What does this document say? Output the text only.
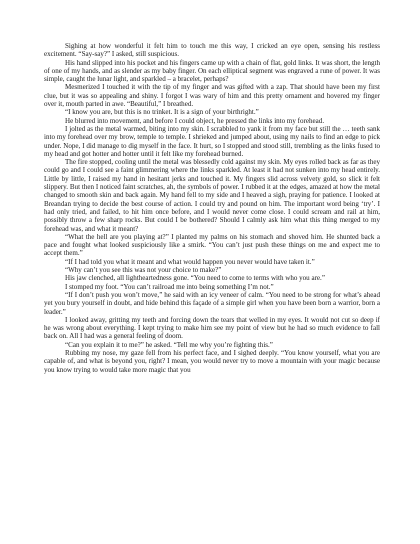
Sighing at how wonderful it felt him to touch me this way, I cricked an eye open, sensing his restless excitement. “Say-say?” I asked, still suspicious.

His hand slipped into his pocket and his fingers came up with a chain of flat, gold links. It was short, the length of one of my hands, and as slender as my baby finger. On each elliptical segment was engraved a rune of power. It was simple, caught the lunar light, and sparkled – a bracelet, perhaps?

Mesmerized I touched it with the tip of my finger and was gifted with a zap. That should have been my first clue, but it was so appealing and shiny. I forgot I was wary of him and this pretty ornament and hovered my finger over it, mouth parted in awe. “Beautiful,” I breathed.

“I know you are, but this is no trinket. It is a sign of your birthright.”

He blurred into movement, and before I could object, he pressed the links into my forehead.

I jolted as the metal warmed, biting into my skin. I scrabbled to yank it from my face but still the … teeth sank into my forehead over my brow, temple to temple. I shrieked and jumped about, using my nails to find an edge to pick under. Nope, I did manage to dig myself in the face. It hurt, so I stopped and stood still, trembling as the links fused to my head and got hotter and hotter until it felt like my forehead burned.

The fire stopped, cooling until the metal was blessedly cold against my skin. My eyes rolled back as far as they could go and I could see a faint glimmering where the links sparkled. At least it had not sunken into my head entirely. Little by little, I raised my hand in hesitant jerks and touched it. My fingers slid across velvety gold, so slick it felt slippery. But then I noticed faint scratches, ah, the symbols of power. I rubbed it at the edges, amazed at how the metal changed to smooth skin and back again. My hand fell to my side and I heaved a sigh, praying for patience. I looked at Breandan trying to decide the best course of action. I could try and pound on him. The important word being ‘try’. I had only tried, and failed, to hit him once before, and I would never come close. I could scream and rail at him, possibly throw a few sharp rocks. But could I be bothered? Should I calmly ask him what this thing merged to my forehead was, and what it meant?

“What the hell are you playing at?” I planted my palms on his stomach and shoved him. He shunted back a pace and fought what looked suspiciously like a smirk. “You can’t just push these things on me and expect me to accept them.”

“If I had told you what it meant and what would happen you never would have taken it.”

“Why can’t you see this was not your choice to make?”

His jaw clenched, all lightheartedness gone. “You need to come to terms with who you are.”

I stomped my foot. “You can’t railroad me into being something I’m not.”

“If I don’t push you won’t move,” he said with an icy veneer of calm. “You need to be strong for what’s ahead yet you bury yourself in doubt, and hide behind this façade of a simple girl when you have been born a warrior, born a leader.”

I looked away, gritting my teeth and forcing down the tears that welled in my eyes. It would not cut so deep if he was wrong about everything. I kept trying to make him see my point of view but he had so much evidence to fall back on. All I had was a general feeling of doom.

“Can you explain it to me?” he asked. “Tell me why you’re fighting this.”

Rubbing my nose, my gaze fell from his perfect face, and I sighed deeply. “You know yourself, what you are capable of, and what is beyond you, right? I mean, you would never try to move a mountain with your magic because you know trying to would take more magic that you
